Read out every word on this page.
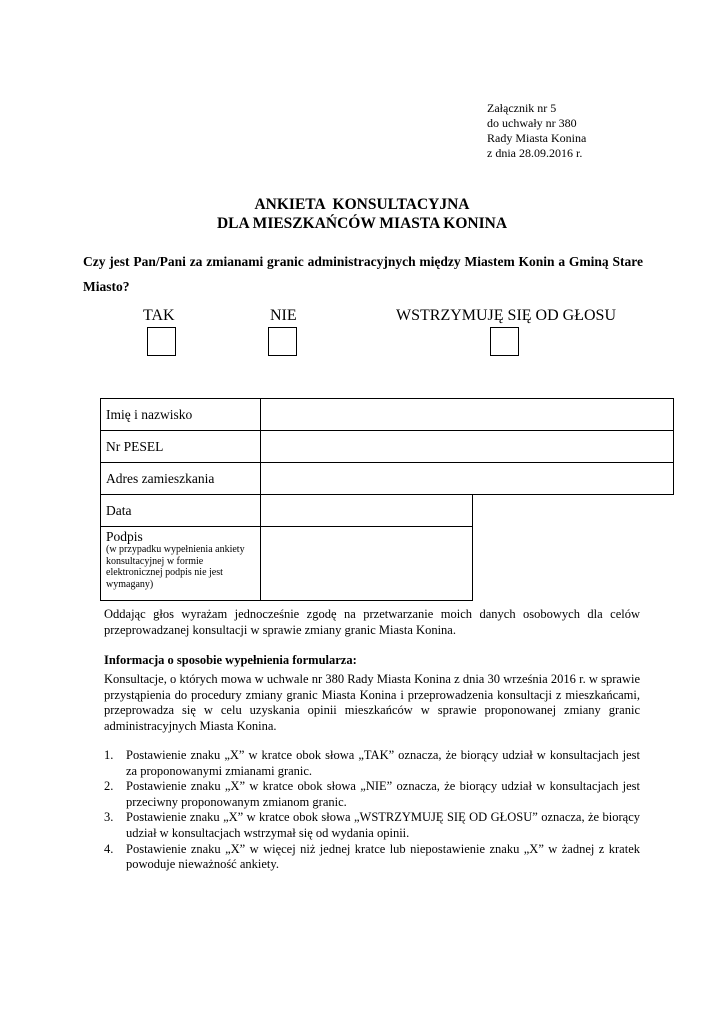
Załącznik nr 5
do uchwały nr 380
Rady Miasta Konina
z dnia 28.09.2016 r.
ANKIETA  KONSULTACYJNA
DLA MIESZKAŃCÓW MIASTA KONINA
Czy jest Pan/Pani za zmianami granic administracyjnych między Miastem Konin a Gminą Stare Miasto?
TAK	NIE	WSTRZYMUJĘ SIĘ OD GŁOSU
Imię i nazwisko		
Nr PESEL		
Adres zamieszkania		
Data		
Podpis
(w przypadku wypełnienia ankiety konsultacyjnej w formie elektronicznej podpis nie jest wymagany)		

Oddając głos wyrażam jednocześnie zgodę na przetwarzanie moich danych osobowych dla celów przeprowadzanej konsultacji w sprawie zmiany granic Miasta Konina.
Informacja o sposobie wypełnienia formularza:
Konsultacje, o których mowa w uchwale nr 380 Rady Miasta Konina z dnia 30 września 2016 r. w sprawie przystąpienia do procedury zmiany granic Miasta Konina i przeprowadzenia konsultacji z mieszkańcami, przeprowadza się w celu uzyskania opinii mieszkańców w sprawie proponowanej zmiany granic administracyjnych Miasta Konina.
1. Postawienie znaku „X” w kratce obok słowa „TAK” oznacza, że biorący udział w konsultacjach jest za proponowanymi zmianami granic.
2. Postawienie znaku „X” w kratce obok słowa „NIE” oznacza, że biorący udział w konsultacjach jest przeciwny proponowanym zmianom granic.
3. Postawienie znaku „X” w kratce obok słowa „WSTRZYMUJĘ SIĘ OD GŁOSU” oznacza, że biorący udział w konsultacjach wstrzymał się od wydania opinii.
4. Postawienie znaku „X” w więcej niż jednej kratce lub niepostawienie znaku „X” w żadnej z kratek powoduje nieważność ankiety.
